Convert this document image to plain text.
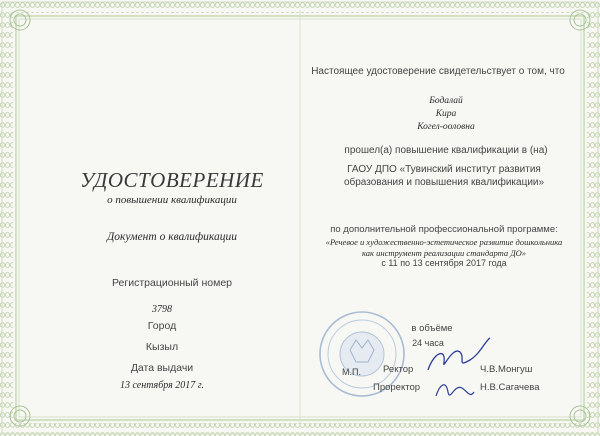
УДОСТОВЕРЕНИЕ
о повышении квалификации
Документ о квалификации
Регистрационный номер
3798
Город
Кызыл
Дата выдачи
13 сентября 2017 г.
Настоящее удостоверение свидетельствует о том, что
Бодалай
Кира
Когел-ооловна
прошел(а) повышение квалификации в (на)
ГАОУ ДПО «Тувинский институт развития
образования и повышения квалификации»
по дополнительной профессиональной программе:
«Речевое и художественно-эстетическое развитие дошкольника
как инструмент реализации стандарта ДО»
с 11 по 13 сентября 2017 года
в объёме
24 часа
М.П. Ректор	Ч.В.Монгуш
Проректор	Н.В.Сагачева
